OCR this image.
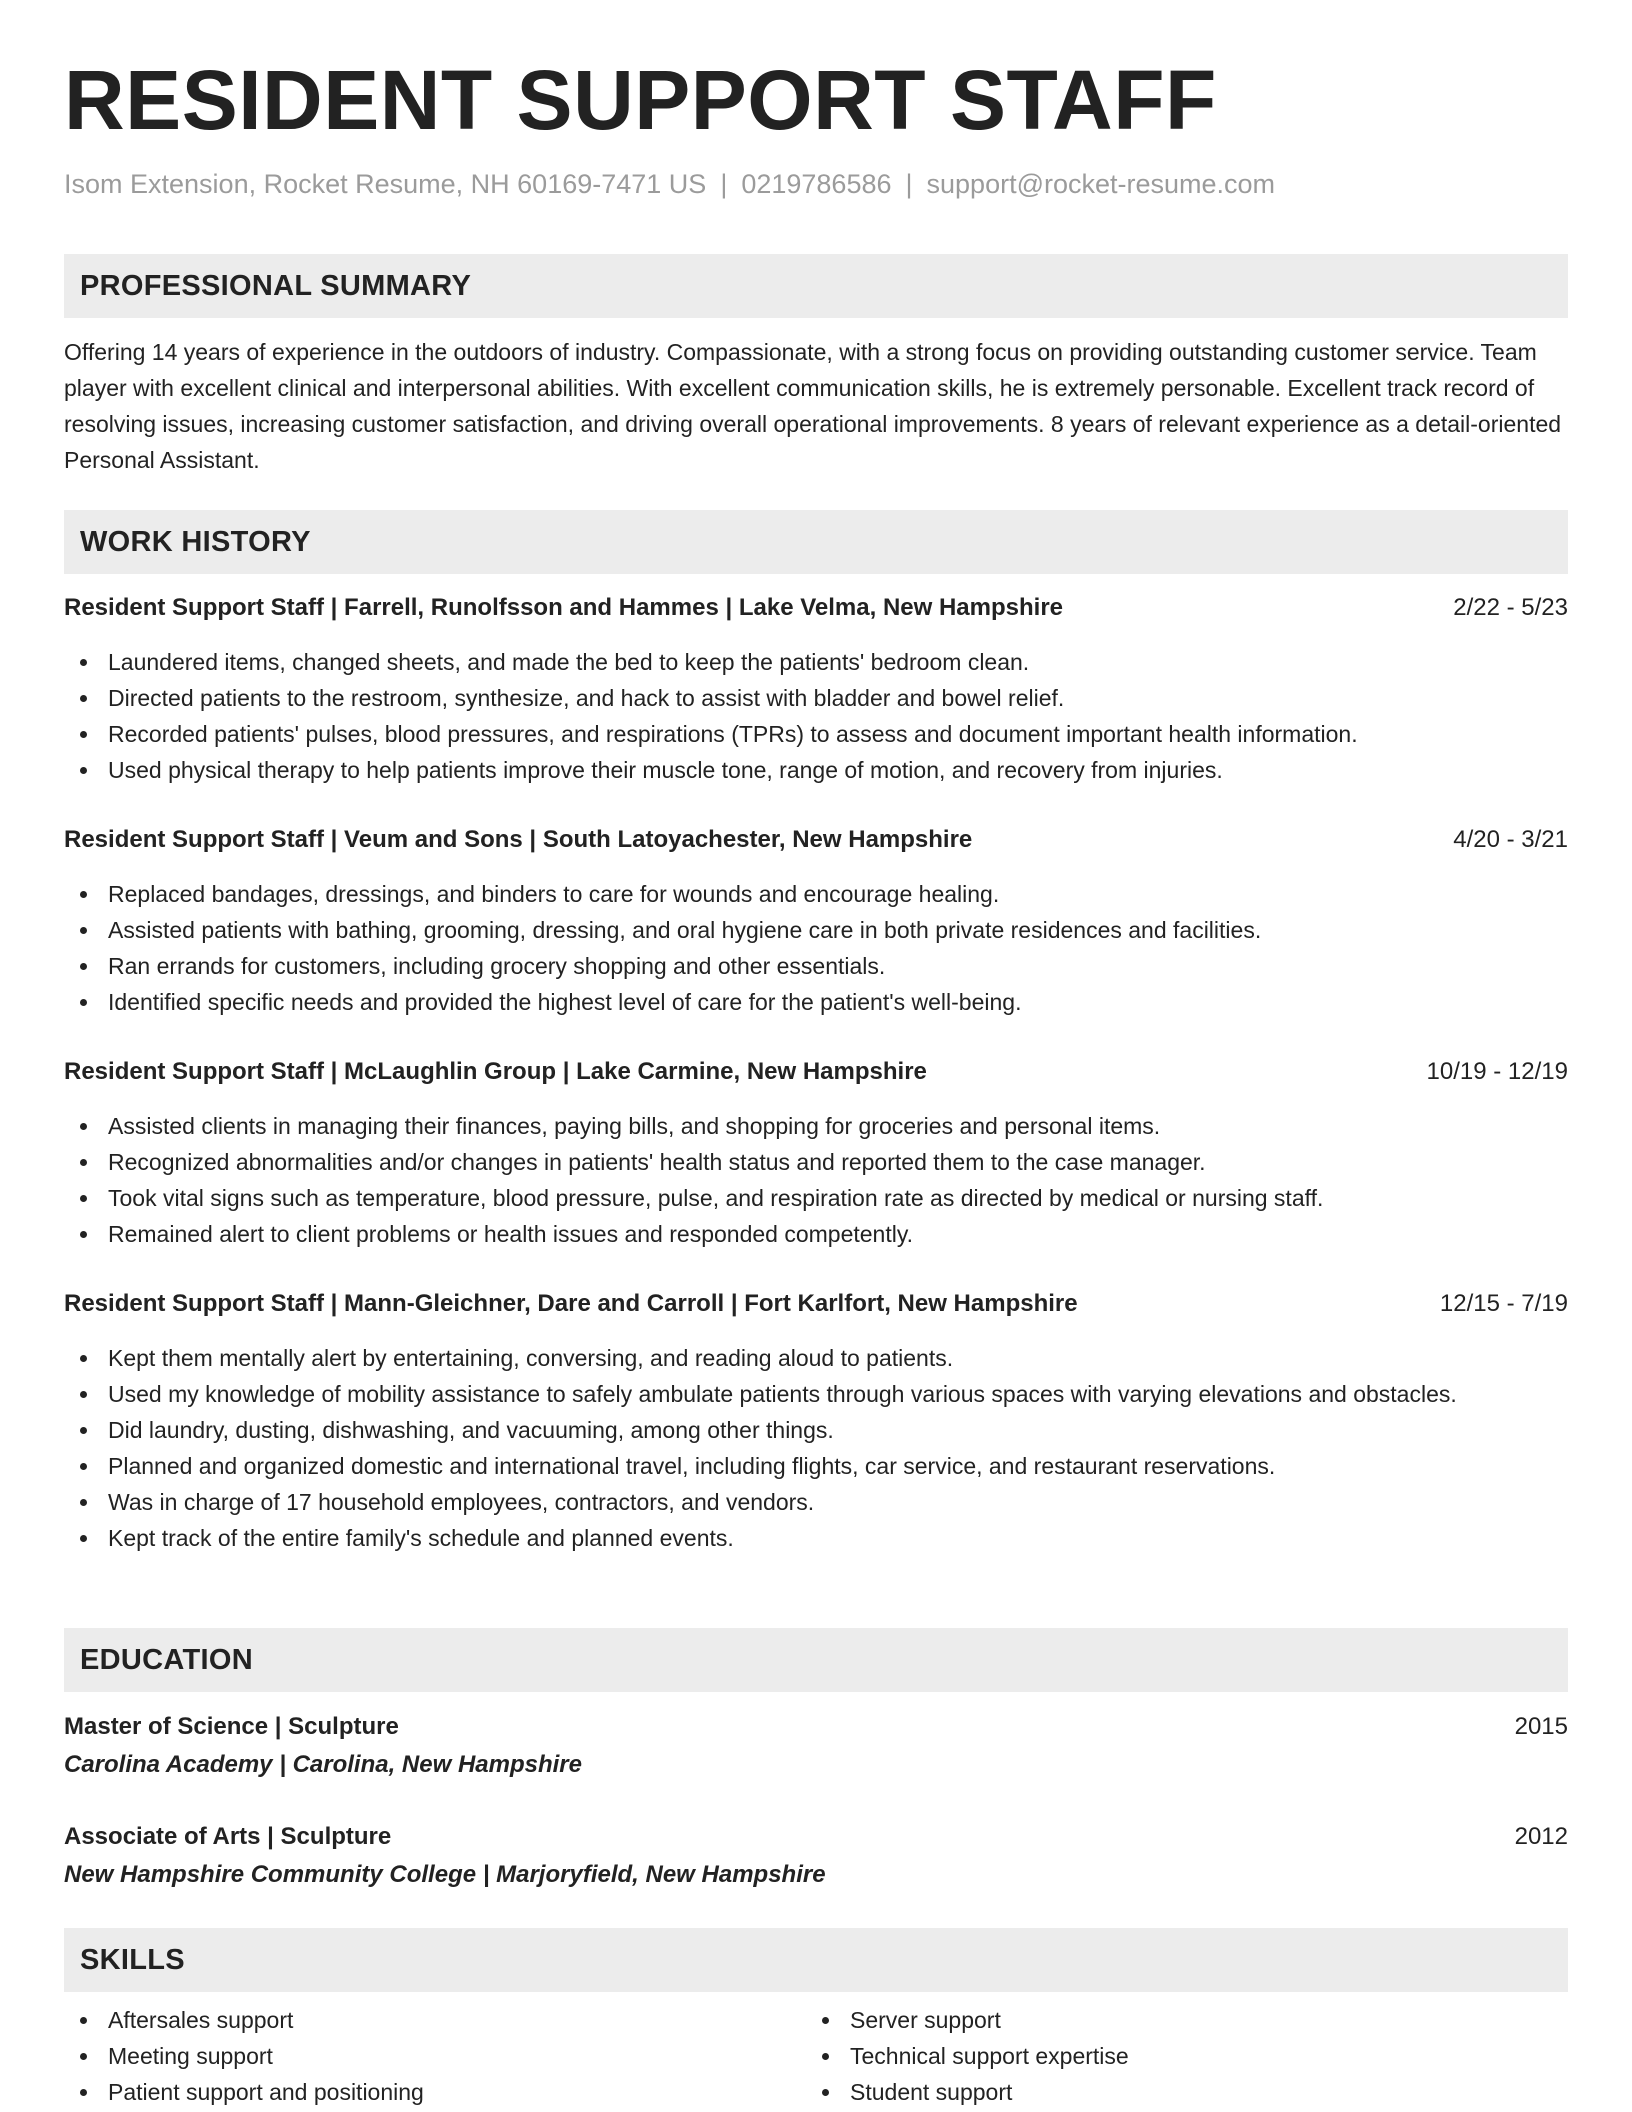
RESIDENT SUPPORT STAFF
Isom Extension, Rocket Resume, NH 60169-7471 US | 0219786586 | support@rocket-resume.com
PROFESSIONAL SUMMARY
Offering 14 years of experience in the outdoors of industry. Compassionate, with a strong focus on providing outstanding customer service. Team player with excellent clinical and interpersonal abilities. With excellent communication skills, he is extremely personable. Excellent track record of resolving issues, increasing customer satisfaction, and driving overall operational improvements. 8 years of relevant experience as a detail-oriented Personal Assistant.
WORK HISTORY
Resident Support Staff | Farrell, Runolfsson and Hammes | Lake Velma, New Hampshire	2/22 - 5/23
Laundered items, changed sheets, and made the bed to keep the patients' bedroom clean.
Directed patients to the restroom, synthesize, and hack to assist with bladder and bowel relief.
Recorded patients' pulses, blood pressures, and respirations (TPRs) to assess and document important health information.
Used physical therapy to help patients improve their muscle tone, range of motion, and recovery from injuries.
Resident Support Staff | Veum and Sons | South Latoyachester, New Hampshire	4/20 - 3/21
Replaced bandages, dressings, and binders to care for wounds and encourage healing.
Assisted patients with bathing, grooming, dressing, and oral hygiene care in both private residences and facilities.
Ran errands for customers, including grocery shopping and other essentials.
Identified specific needs and provided the highest level of care for the patient's well-being.
Resident Support Staff | McLaughlin Group | Lake Carmine, New Hampshire	10/19 - 12/19
Assisted clients in managing their finances, paying bills, and shopping for groceries and personal items.
Recognized abnormalities and/or changes in patients' health status and reported them to the case manager.
Took vital signs such as temperature, blood pressure, pulse, and respiration rate as directed by medical or nursing staff.
Remained alert to client problems or health issues and responded competently.
Resident Support Staff | Mann-Gleichner, Dare and Carroll | Fort Karlfort, New Hampshire	12/15 - 7/19
Kept them mentally alert by entertaining, conversing, and reading aloud to patients.
Used my knowledge of mobility assistance to safely ambulate patients through various spaces with varying elevations and obstacles.
Did laundry, dusting, dishwashing, and vacuuming, among other things.
Planned and organized domestic and international travel, including flights, car service, and restaurant reservations.
Was in charge of 17 household employees, contractors, and vendors.
Kept track of the entire family's schedule and planned events.
EDUCATION
Master of Science | Sculpture	2015
Carolina Academy | Carolina, New Hampshire
Associate of Arts | Sculpture	2012
New Hampshire Community College | Marjoryfield, New Hampshire
SKILLS
Aftersales support
Meeting support
Patient support and positioning
Server support
Technical support expertise
Student support
